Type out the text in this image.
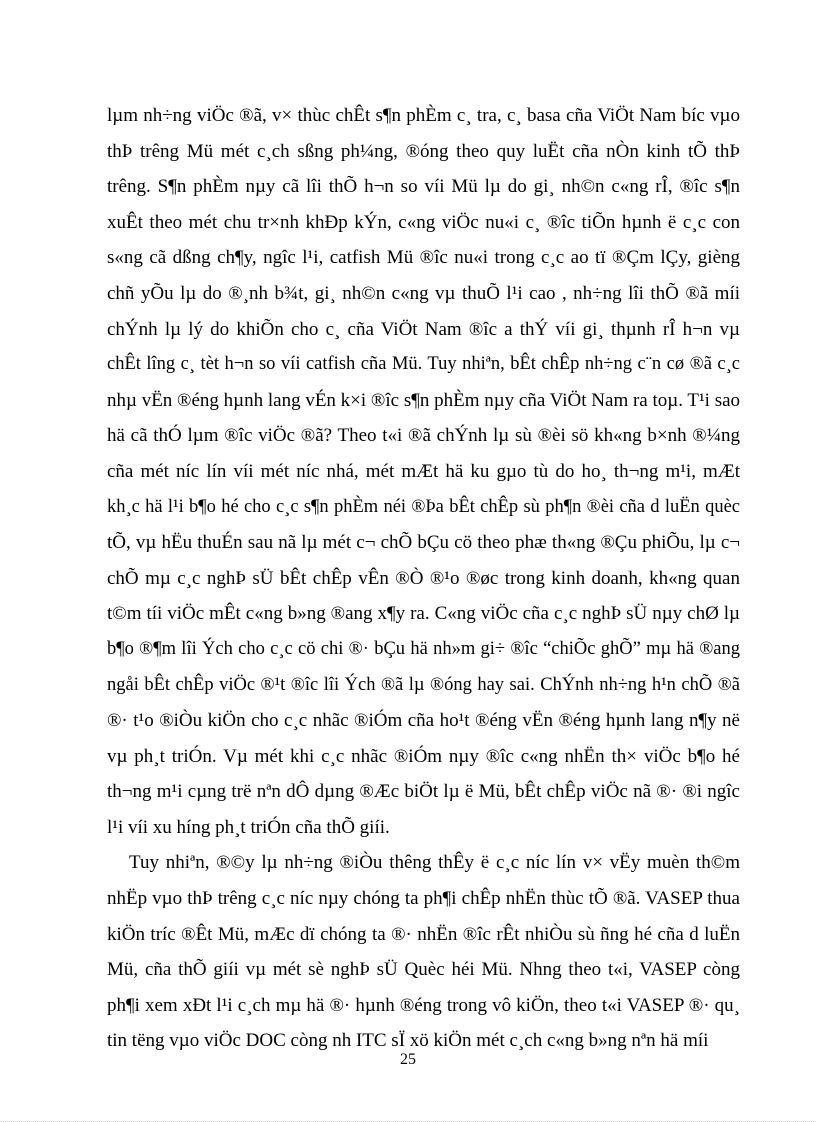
lµm nh÷ng viÖc ®ã, v× thùc chÊt s¶n phÈm c¸ tra, c¸ basa cña ViÖt Nam bíc vµo
thÞ trêng Mü mét c¸ch sßng ph¼ng, ®óng theo quy luËt cña nÒn kinh tÕ thÞ
trêng. S¶n phÈm nµy cã lîi thÕ h¬n so víi Mü lµ do gi¸ nh©n c«ng rÎ, ®îc s¶n
xuÊt theo mét chu tr×nh khÐp kÝn, c«ng viÖc nu«i c¸ ®îc tiÕn hµnh ë c¸c con
s«ng cã dßng ch¶y, ngîc l¹i, catfish Mü ®îc nu«i trong c¸c ao tï ®Çm lÇy, gièng
chñ yÕu lµ do ®¸nh b¾t, gi¸ nh©n c«ng vµ thuÕ l¹i cao , nh÷ng lîi thÕ ®ã míi
chÝnh lµ lý do khiÕn cho c¸ cña ViÖt Nam ®îc a thÝ víi gi¸ thµnh rÎ h¬n vµ
chÊt lîng c¸ tèt h¬n so víi catfish cña Mü. Tuy nhiªn, bÊt chÊp nh÷ng c¨n cø ®ã c¸c
nhµ vËn ®éng hµnh lang vÉn k×i ®îc s¶n phÈm nµy cña ViÖt Nam ra toµ. T¹i sao
hä cã thÓ lµm ®îc viÖc ®ã? Theo t«i ®ã chÝnh lµ sù ®èi sö kh«ng b×nh ®¼ng
cña mét níc lín víi mét níc nhá, mét mÆt hä ku gµo tù do ho¸ th¬ng m¹i, mÆt
kh¸c hä l¹i b¶o hé cho c¸c s¶n phÈm néi ®Þa bÊt chÊp sù ph¶n ®èi cña d luËn quèc
tÕ, vµ hËu thuÉn sau nã lµ mét c¬ chÕ bÇu cö theo phæ th«ng ®Çu phiÕu, lµ c¬
chÕ mµ c¸c nghÞ sÜ bÊt chÊp vÊn ®Ò ®¹o ®øc trong kinh doanh, kh«ng quan
t©m tíi viÖc mÊt c«ng b»ng ®ang x¶y ra. C«ng viÖc cña c¸c nghÞ sÜ nµy chØ lµ
b¶o ®¶m lîi Ých cho c¸c cö chi ®· bÇu hä nh»m gi÷ ®îc “chiÕc ghÕ” mµ hä ®ang
ngåi bÊt chÊp viÖc ®¹t ®îc lîi Ých ®ã lµ ®óng hay sai. ChÝnh nh÷ng h¹n chÕ ®ã
®· t¹o ®iÒu kiÖn cho c¸c nhãc ®iÓm cña ho¹t ®éng vËn ®éng hµnh lang n¶y në
vµ ph¸t triÓn. Vµ mét khi c¸c nhãc ®iÓm nµy ®îc c«ng nhËn th× viÖc b¶o hé
th¬ng m¹i cµng trë nªn dÔ dµng ®Æc biÖt lµ ë Mü, bÊt chÊp viÖc nã ®· ®i ngîc
l¹i víi xu híng ph¸t triÓn cña thÕ giíi.

Tuy nhiªn, ®©y lµ nh÷ng ®iÒu thêng thÊy ë c¸c níc lín v× vËy muèn th©m
nhËp vµo thÞ trêng c¸c níc nµy chóng ta ph¶i chÊp nhËn thùc tÕ ®ã. VASEP thua
kiÖn tríc ®Êt Mü, mÆc dï chóng ta ®· nhËn ®îc rÊt nhiÒu sù ñng hé cña d luËn
Mü, cña thÕ giíi vµ mét sè nghÞ sÜ Quèc héi Mü. Nhng theo t«i, VASEP còng
ph¶i xem xÐt l¹i c¸ch mµ hä ®· hµnh ®éng trong vô kiÖn, theo t«i VASEP ®· qu¸
tin tëng vµo viÖc DOC còng nh ITC sÏ xö kiÖn mét c¸ch c«ng b»ng nªn hä míi

25
